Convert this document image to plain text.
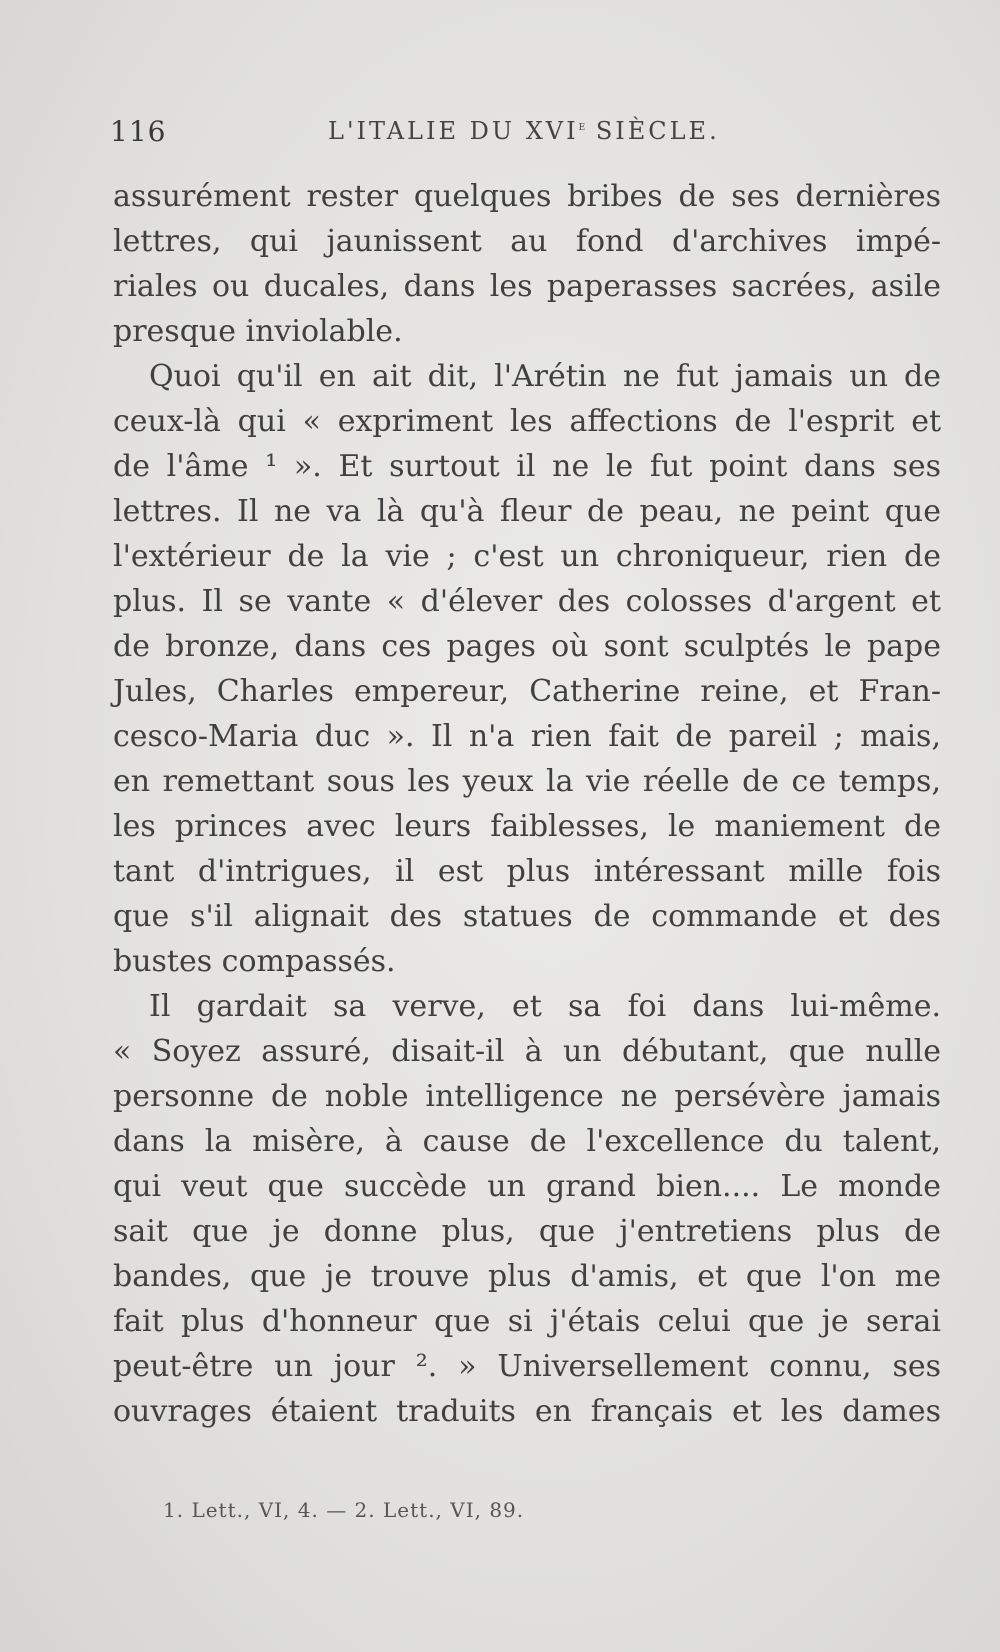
116	L'ITALIE DU XVIe SIÈCLE.
assurément rester quelques bribes de ses dernières
lettres, qui jaunissent au fond d'archives impé-
riales ou ducales, dans les paperasses sacrées, asile
presque inviolable.
Quoi qu'il en ait dit, l'Arétin ne fut jamais un de
ceux-là qui « expriment les affections de l'esprit et
de l'âme ¹ ». Et surtout il ne le fut point dans ses
lettres. Il ne va là qu'à fleur de peau, ne peint que
l'extérieur de la vie ; c'est un chroniqueur, rien de
plus. Il se vante « d'élever des colosses d'argent et
de bronze, dans ces pages où sont sculptés le pape
Jules, Charles empereur, Catherine reine, et Fran-
cesco-Maria duc ». Il n'a rien fait de pareil ; mais,
en remettant sous les yeux la vie réelle de ce temps,
les princes avec leurs faiblesses, le maniement de
tant d'intrigues, il est plus intéressant mille fois
que s'il alignait des statues de commande et des
bustes compassés.
Il gardait sa verve, et sa foi dans lui-même.
« Soyez assuré, disait-il à un débutant, que nulle
personne de noble intelligence ne persévère jamais
dans la misère, à cause de l'excellence du talent,
qui veut que succède un grand bien.... Le monde
sait que je donne plus, que j'entretiens plus de
bandes, que je trouve plus d'amis, et que l'on me
fait plus d'honneur que si j'étais celui que je serai
peut-être un jour ². » Universellement connu, ses
ouvrages étaient traduits en français et les dames
1. Lett., VI, 4. — 2. Lett., VI, 89.
